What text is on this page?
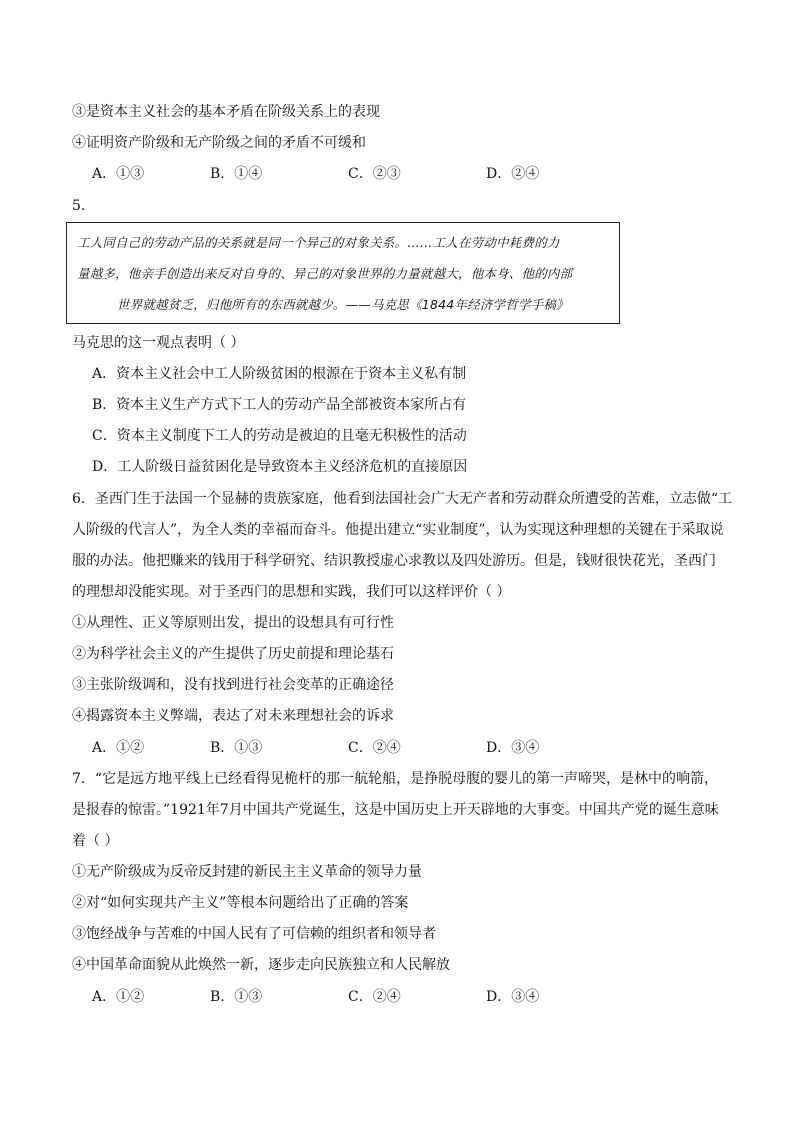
③是资本主义社会的基本矛盾在阶级关系上的表现
④证明资产阶级和无产阶级之间的矛盾不可缓和
A．①③	B．①④	C．②③	D．②④
5.
工人同自己的劳动产品的关系就是同一个异己的对象关系。……工人在劳动中耗费的力
量越多，他亲手创造出来反对自身的、异己的对象世界的力量就越大，他本身、他的内部
世界就越贫乏，归他所有的东西就越少。——马克思《1844年经济学哲学手稿》
马克思的这一观点表明（ ）
A．资本主义社会中工人阶级贫困的根源在于资本主义私有制
B．资本主义生产方式下工人的劳动产品全部被资本家所占有
C．资本主义制度下工人的劳动是被迫的且毫无积极性的活动
D．工人阶级日益贫困化是导致资本主义经济危机的直接原因
6．圣西门生于法国一个显赫的贵族家庭，他看到法国社会广大无产者和劳动群众所遭受的苦难，立志做“工
人阶级的代言人”，为全人类的幸福而奋斗。他提出建立“实业制度”，认为实现这种理想的关键在于采取说
服的办法。他把赚来的钱用于科学研究、结识教授虚心求教以及四处游历。但是，钱财很快花光，圣西门
的理想却没能实现。对于圣西门的思想和实践，我们可以这样评价（ ）
①从理性、正义等原则出发，提出的设想具有可行性
②为科学社会主义的产生提供了历史前提和理论基石
③主张阶级调和，没有找到进行社会变革的正确途径
④揭露资本主义弊端，表达了对未来理想社会的诉求
A．①②	B．①③	C．②④	D．③④
7．“它是远方地平线上已经看得见桅杆的那一航轮船，是挣脱母腹的婴儿的第一声啼哭，是林中的响箭，
是报春的惊雷。”1921年7月中国共产党诞生，这是中国历史上开天辟地的大事变。中国共产党的诞生意味
着（ ）
①无产阶级成为反帝反封建的新民主主义革命的领导力量
②对“如何实现共产主义”等根本问题给出了正确的答案
③饱经战争与苦难的中国人民有了可信赖的组织者和领导者
④中国革命面貌从此焕然一新，逐步走向民族独立和人民解放
A．①②	B．①③	C．②④	D．③④
